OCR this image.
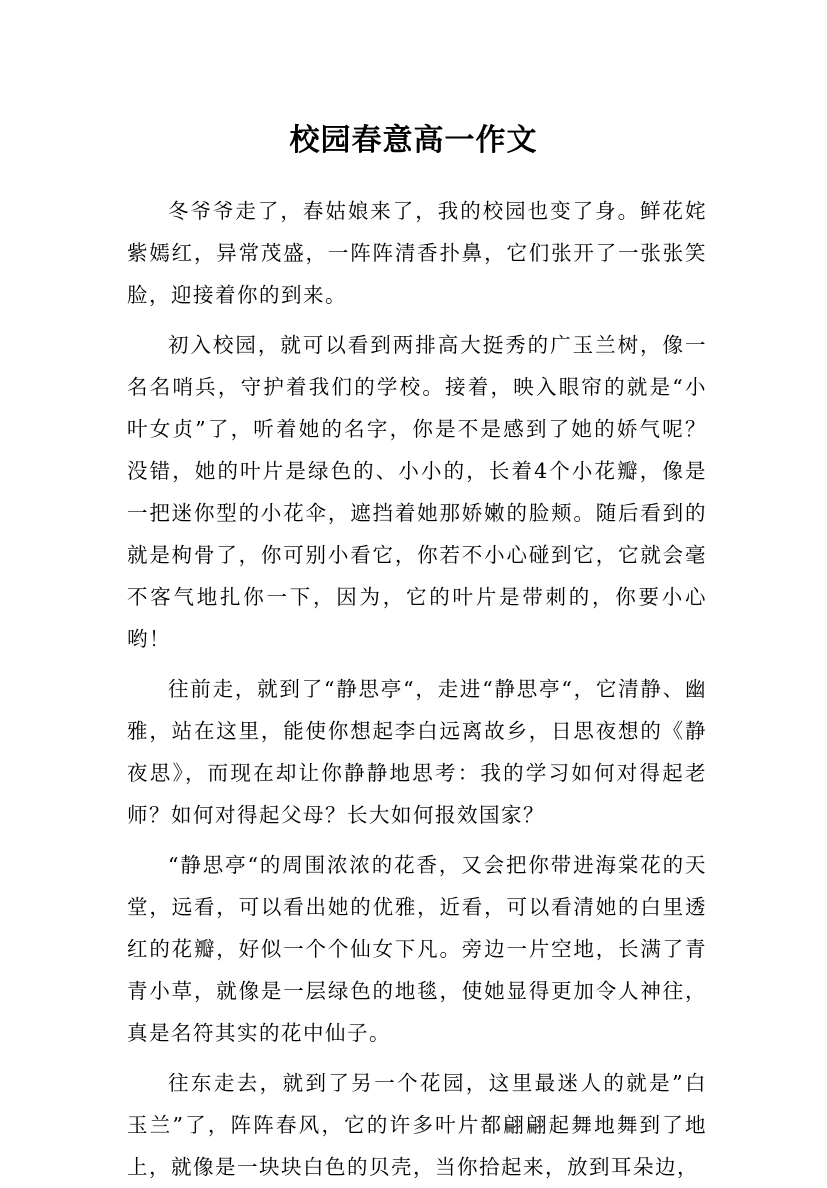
校园春意高一作文

冬爷爷走了，春姑娘来了，我的校园也变了身。鲜花姹紫嫣红，异常茂盛，一阵阵清香扑鼻，它们张开了一张张笑脸，迎接着你的到来。

初入校园，就可以看到两排高大挺秀的广玉兰树，像一名名哨兵，守护着我们的学校。接着，映入眼帘的就是“小叶女贞”了，听着她的名字，你是不是感到了她的娇气呢？没错，她的叶片是绿色的、小小的，长着4个小花瓣，像是一把迷你型的小花伞，遮挡着她那娇嫩的脸颊。随后看到的就是枸骨了，你可别小看它，你若不小心碰到它，它就会毫不客气地扎你一下，因为，它的叶片是带刺的，你要小心哟！

往前走，就到了“静思亭“，走进“静思亭“，它清静、幽雅，站在这里，能使你想起李白远离故乡，日思夜想的《静夜思》，而现在却让你静静地思考：我的学习如何对得起老师？如何对得起父母？长大如何报效国家？

“静思亭“的周围浓浓的花香，又会把你带进海棠花的天堂，远看，可以看出她的优雅，近看，可以看清她的白里透红的花瓣，好似一个个仙女下凡。旁边一片空地，长满了青青小草，就像是一层绿色的地毯，使她显得更加令人神往，真是名符其实的花中仙子。

往东走去，就到了另一个花园，这里最迷人的就是”白玉兰”了，阵阵春风，它的许多叶片都翩翩起舞地舞到了地上，就像是一块块白色的贝壳，当你拾起来，放到耳朵边，
